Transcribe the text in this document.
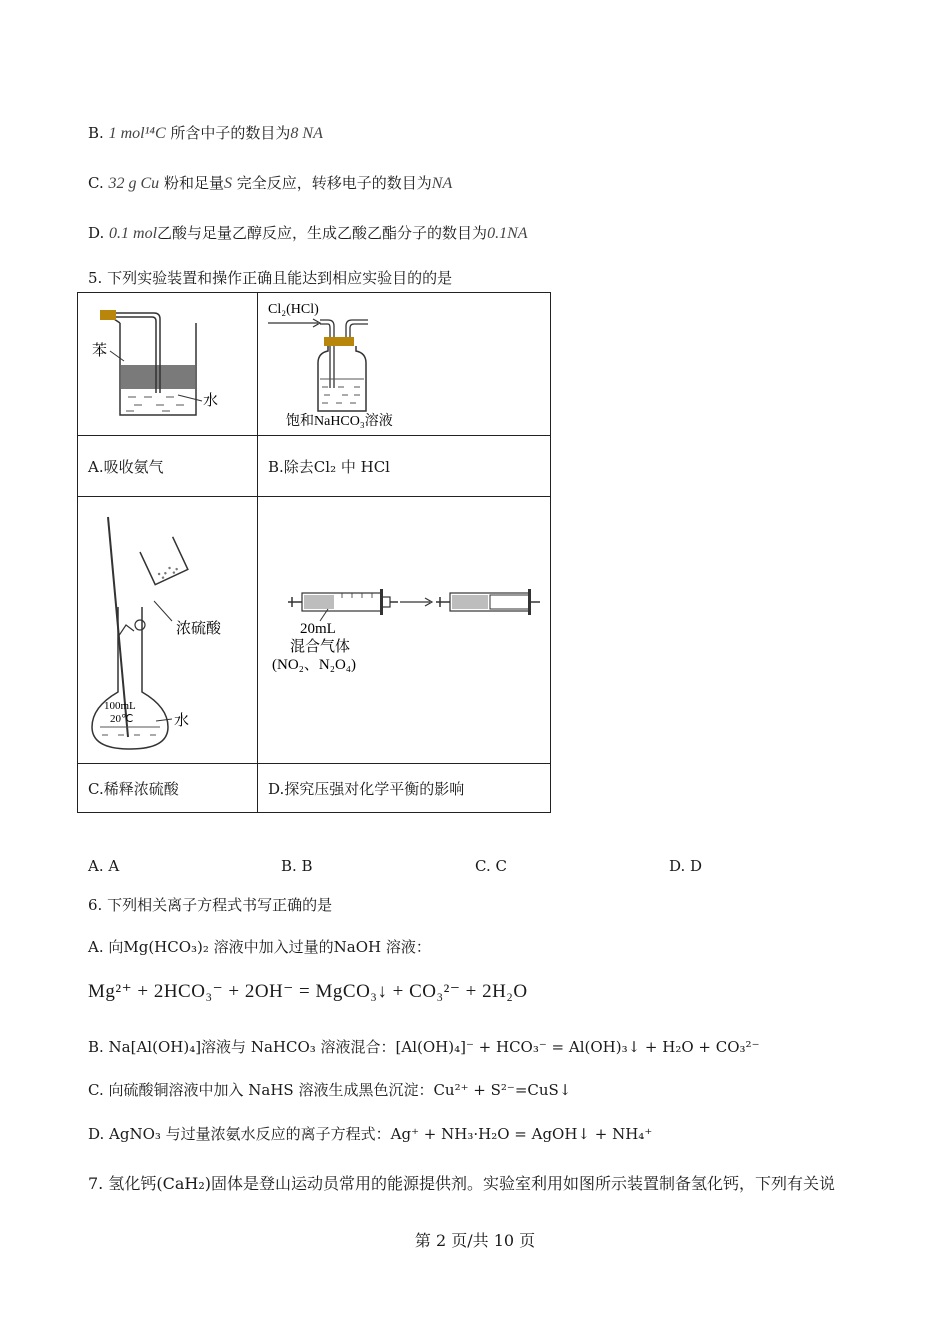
B. 1 mol¹⁴C 所含中子的数目为8 NA
C. 32 g Cu 粉和足量S 完全反应，转移电子的数目为NA
D. 0.1 mol乙酸与足量乙醇反应，生成乙酸乙酯分子的数目为0.1NA
5. 下列实验装置和操作正确且能达到相应实验目的的是
苯
水	Cl₂(HCl)
饱和NaHCO₃溶液

A.吸收氨气	B.除去Cl₂ 中 HCl

浓硫酸
100mL
20℃ 水	20mL
混合气体
(NO₂、N₂O₄)

C.稀释浓硫酸	D.探究压强对化学平衡的影响
A. A	B. B	C. C	D. D
6. 下列相关离子方程式书写正确的是
A. 向Mg(HCO₃)₂ 溶液中加入过量的NaOH 溶液：
Mg²⁺ + 2HCO₃⁻ + 2OH⁻ = MgCO₃↓ + CO₃²⁻ + 2H₂O
B. Na[Al(OH)₄]溶液与 NaHCO₃ 溶液混合：[Al(OH)₄]⁻ + HCO₃⁻ = Al(OH)₃↓ + H₂O + CO₃²⁻
C. 向硫酸铜溶液中加入 NaHS 溶液生成黑色沉淀：Cu²⁺ + S²⁻=CuS↓
D. AgNO₃ 与过量浓氨水反应的离子方程式：Ag⁺ + NH₃·H₂O = AgOH↓ + NH₄⁺
7. 氢化钙(CaH₂)固体是登山运动员常用的能源提供剂。实验室利用如图所示装置制备氢化钙，下列有关说
第 2 页/共 10 页
